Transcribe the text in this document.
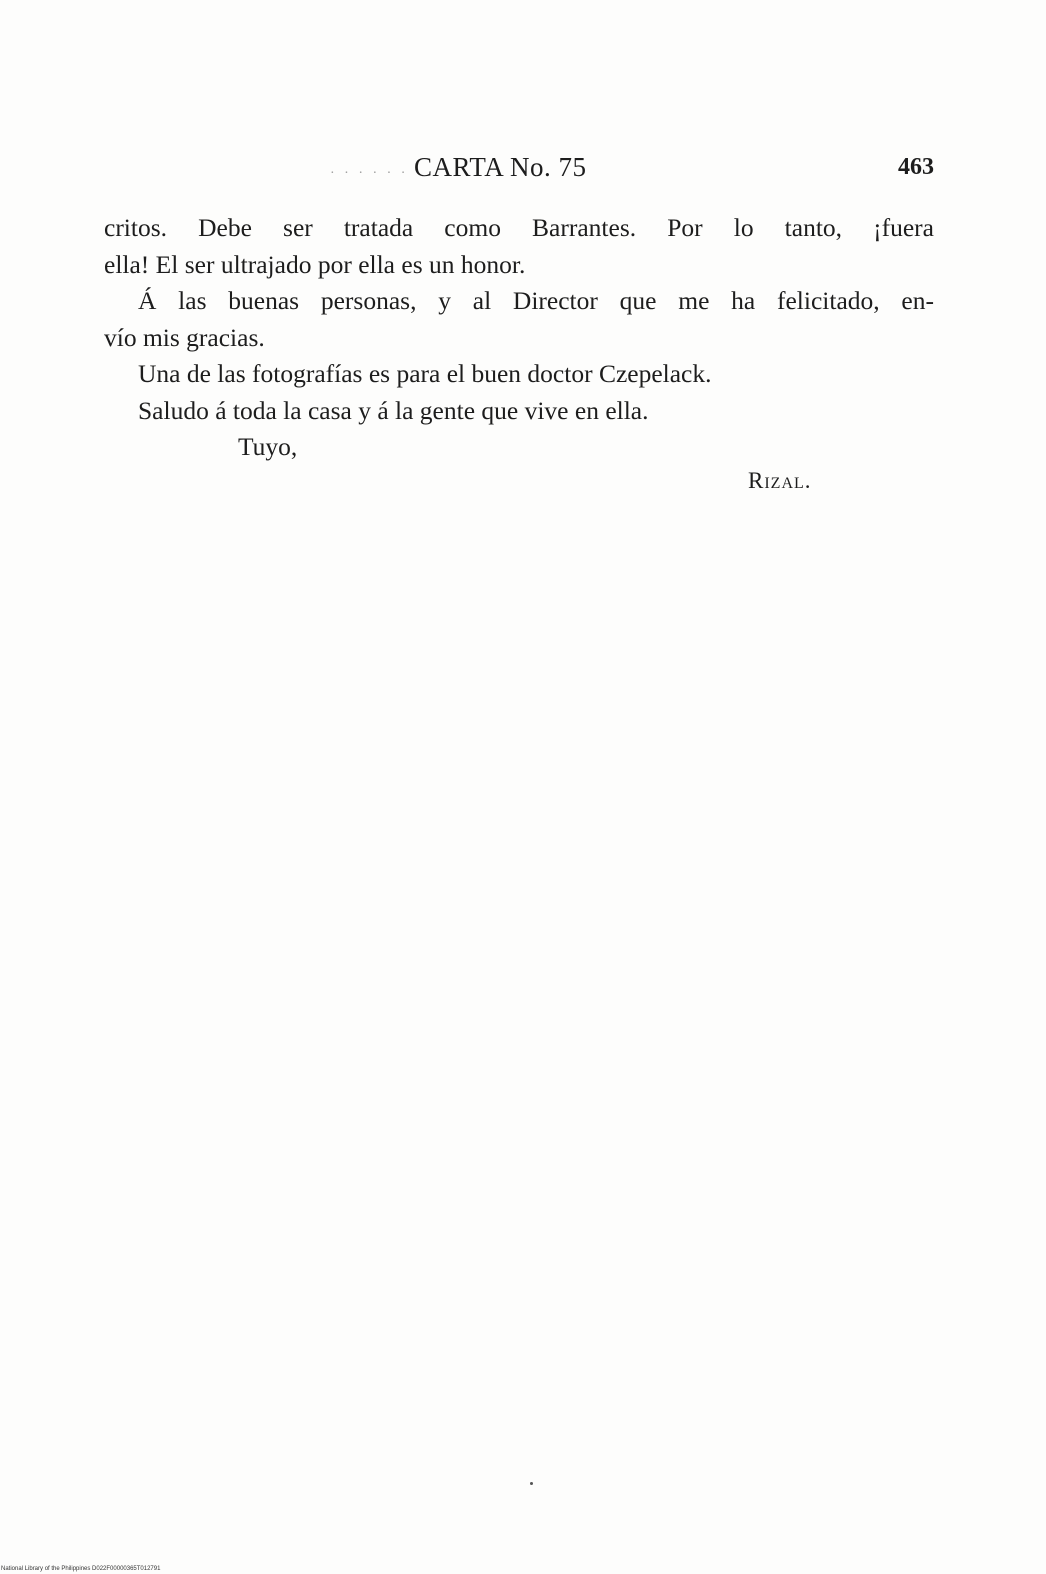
· · · · · · CARTA No. 75	463
critos. Debe ser tratada como Barrantes. Por lo tanto, ¡fuera
ella! El ser ultrajado por ella es un honor.
Á las buenas personas, y al Director que me ha felicitado, en-
vío mis gracias.
Una de las fotografías es para el buen doctor Czepelack.
Saludo á toda la casa y á la gente que vive en ella.
Tuyo,
Rizal.
National Library of the Philippines D022F00000365T012791
